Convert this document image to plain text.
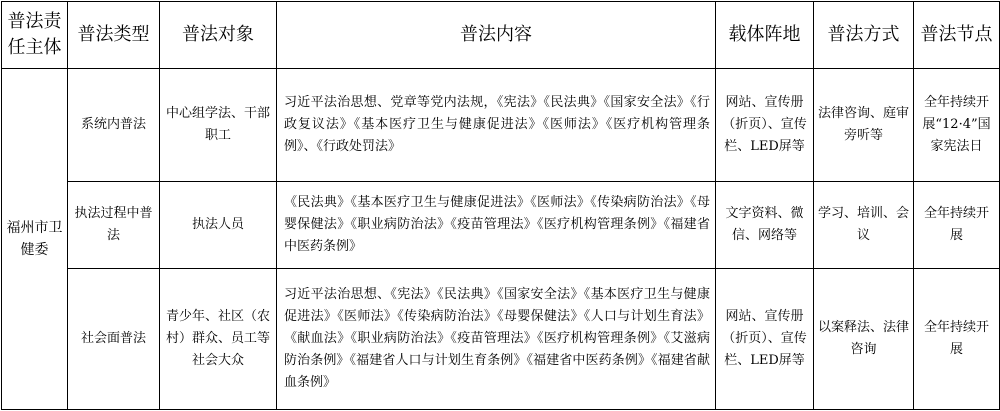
普法责任主体	普法类型	普法对象	普法内容	载体阵地	普法方式	普法节点
福州市卫健委	系统内普法	中心组学法、干部职工	习近平法治思想、党章等党内法规，《宪法》《民法典》《国家安全法》《行政复议法》《基本医疗卫生与健康促进法》《医师法》《医疗机构管理条例》、《行政处罚法》	网站、宣传册（折页）、宣传栏、LED屏等	法律咨询、庭审旁听等	全年持续开展“12·4”国家宪法日
	执法过程中普法	执法人员	《民法典》《基本医疗卫生与健康促进法》《医师法》《传染病防治法》《母婴保健法》《职业病防治法》《疫苗管理法》《医疗机构管理条例》《福建省中医药条例》	文字资料、微信、网络等	学习、培训、会议	全年持续开展
	社会面普法	青少年、社区（农村）群众、员工等社会大众	习近平法治思想、《宪法》《民法典》《国家安全法》《基本医疗卫生与健康促进法》《医师法》《传染病防治法》《母婴保健法》《人口与计划生育法》《献血法》《职业病防治法》《疫苗管理法》《医疗机构管理条例》《艾滋病防治条例》《福建省人口与计划生育条例》《福建省中医药条例》《福建省献血条例》	网站、宣传册（折页）、宣传栏、LED屏等	以案释法、法律咨询	全年持续开展
